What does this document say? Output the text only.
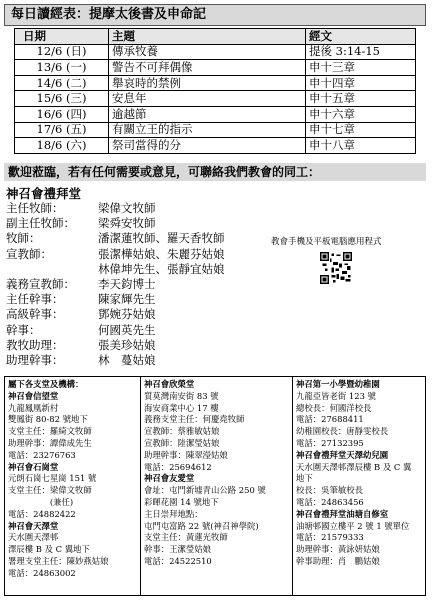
每日讀經表：提摩太後書及申命記
日期	主題	經文
12/6 (日)	傳承牧養	提後 3:14-15
13/6 (一)	警告不可拜偶像	申十三章
14/6 (二)	舉哀時的禁例	申十四章
15/6 (三)	安息年	申十五章
16/6 (四)	逾越節	申十六章
17/6 (五)	有關立王的指示	申十七章
18/6 (六)	祭司當得的分	申十八章
歡迎蒞臨，若有任何需要或意見，可聯絡我們教會的同工：
神召會禮拜堂
主任牧師：	梁偉文牧師
副主任牧師：	梁舜安牧師
牧師：	潘潔蓮牧師、羅天香牧師
宣教師：	張潔樺姑娘、朱麗芬姑娘
林偉坤先生、張靜宜姑娘
義務宣教師：	李天鈞博士
主任幹事：	陳家輝先生
高級幹事：	鄧婉芬姑娘
幹事：	何國英先生
教牧助理：	張美珍姑娘
助理幹事：	林　蔓姑娘
教會手機及平板電腦應用程式
屬下各支堂及機構：
神召會信望堂
九龍鳳凰新村
雙鳳街 80-82 號地下
支堂主任：羅綺文牧師
助理幹事：譚偉成先生
電話：23276763
神召會石崗堂
元朗石崗七星崗 151 號
支堂主任：梁偉文牧師
　　　　　(兼任)
電話：24882422
神召會天澤堂
天水圍天澤邨
澤辰樓 B 及 C 翼地下
署理支堂主任：陳妙燕姑娘
電話：24863002
神召會欣榮堂
質莫灣南安街 83 號
海安商業中心 17 樓
義務支堂主任：何慶堯牧師
宣教師：蔡雅敏姑娘
宣教師：陸潔瑩姑娘
助理幹事：陳翠瀅姑娘
電話：25694612
神召會友愛堂
會址：屯門新墟青山公路 250 號
彩暉花園 14 號地下
主日崇拜地點：
屯門屯富路 22 號(神召神學院)
支堂主任：黃蓮光牧師
幹事：王潔瑩姑娘
電話：24522510
神召第一小學暨幼稚園
九龍亞皆老街 123 號
總校長：何國洋校長
電話：27688411
幼稚園校長：唐靜雯校長
電話：27132395
神召會禮拜堂天澤幼兒園
天水圍天澤邨澤辰樓 B 及 C 翼
地下
校長：吳筆敏校長
電話：24863456
神召會禮拜堂油塘自修室
油塘邨國立樓平 2 號 1 號單位
電話：21579333
助理幹事：黃詠妍姑娘
幹事助理：肖　鵬姑娘
